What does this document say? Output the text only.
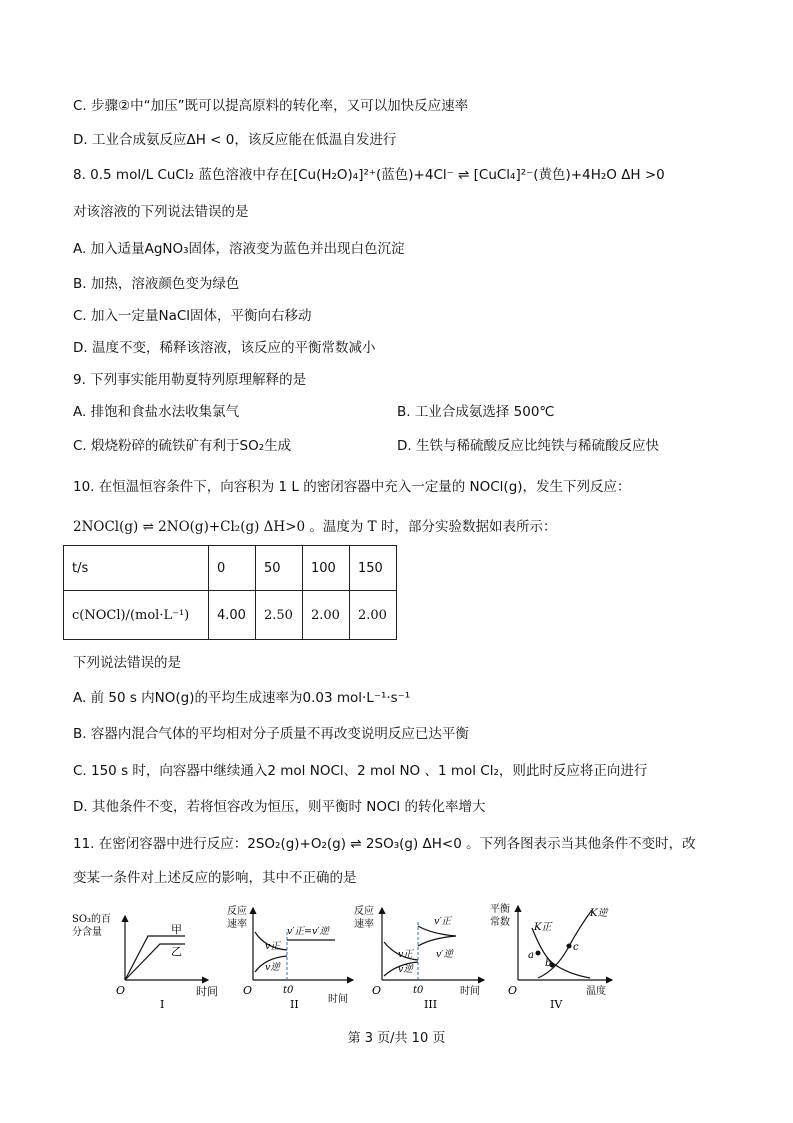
C. 步骤②中“加压”既可以提高原料的转化率，又可以加快反应速率
D. 工业合成氨反应ΔH < 0，该反应能在低温自发进行
8. 0.5 mol/L CuCl₂ 蓝色溶液中存在[Cu(H₂O)₄]²⁺(蓝色)+4Cl⁻ ⇌ [CuCl₄]²⁻(黄色)+4H₂O ΔH >0
对该溶液的下列说法错误的是
A. 加入适量AgNO₃固体，溶液变为蓝色并出现白色沉淀
B. 加热，溶液颜色变为绿色
C. 加入一定量NaCl固体，平衡向右移动
D. 温度不变，稀释该溶液，该反应的平衡常数减小
9. 下列事实能用勒夏特列原理解释的是
A. 排饱和食盐水法收集氯气	B. 工业合成氨选择 500℃
C. 煅烧粉碎的硫铁矿有利于SO₂生成	D. 生铁与稀硫酸反应比纯铁与稀硫酸反应快
10. 在恒温恒容条件下，向容积为 1 L 的密闭容器中充入一定量的 NOCl(g)，发生下列反应：
2NOCl(g) ⇌ 2NO(g)+Cl₂(g) ΔH>0 。温度为 T 时，部分实验数据如表所示：
t/s	0	50	100	150
c(NOCl)/(mol·L⁻¹)	4.00	2.50	2.00	2.00
下列说法错误的是
A. 前 50 s 内NO(g)的平均生成速率为0.03 mol·L⁻¹·s⁻¹
B. 容器内混合气体的平均相对分子质量不再改变说明反应已达平衡
C. 150 s 时，向容器中继续通入2 mol NOCl、2 mol NO 、1 mol Cl₂，则此时反应将正向进行
D. 其他条件不变，若将恒容改为恒压，则平衡时 NOCl 的转化率增大
11. 在密闭容器中进行反应：2SO₂(g)+O₂(g) ⇌ 2SO₃(g) ΔH<0 。下列各图表示当其他条件不变时，改
变某一条件对上述反应的影响，其中不正确的是
SO₃的百
分含量	甲
乙
O
I
反应
速率
v′正=v′逆
v正
v逆
t0
O
时间
II
反应
速率	v′正
v′逆
v正
v逆
t0
O	时间
III
平衡
常数 K正
K逆
a
b
c
O	温度
IV
时间
第 3 页/共 10 页
